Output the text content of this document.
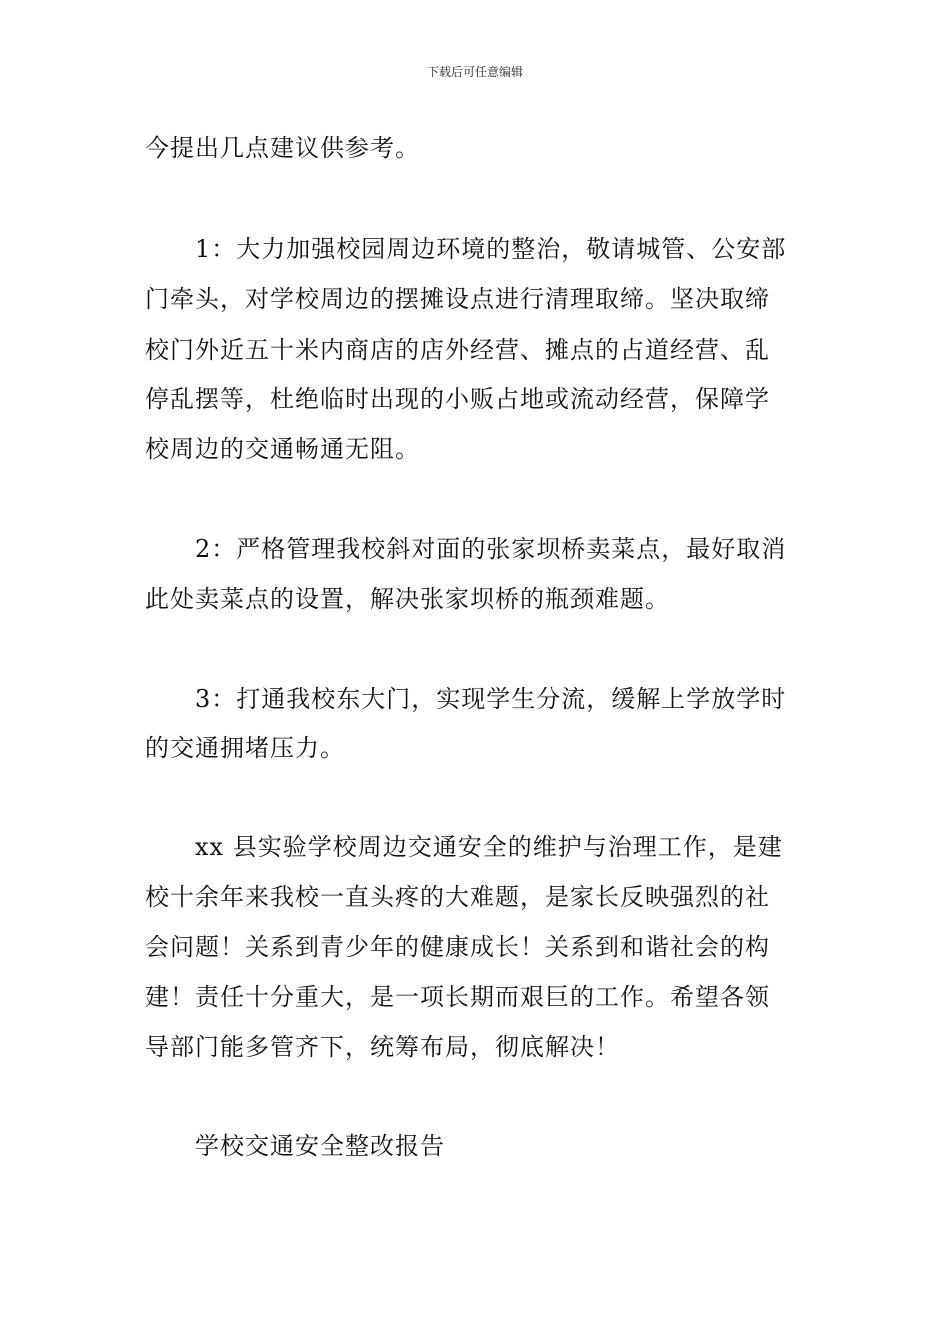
下载后可任意编辑
今提出几点建议供参考。
1：大力加强校园周边环境的整治，敬请城管、公安部
门牵头，对学校周边的摆摊设点进行清理取缔。坚决取缔
校门外近五十米内商店的店外经营、摊点的占道经营、乱
停乱摆等，杜绝临时出现的小贩占地或流动经营，保障学
校周边的交通畅通无阻。
2：严格管理我校斜对面的张家坝桥卖菜点，最好取消
此处卖菜点的设置，解决张家坝桥的瓶颈难题。
3：打通我校东大门，实现学生分流，缓解上学放学时
的交通拥堵压力。
xx 县实验学校周边交通安全的维护与治理工作，是建
校十余年来我校一直头疼的大难题，是家长反映强烈的社
会问题！关系到青少年的健康成长！关系到和谐社会的构
建！责任十分重大，是一项长期而艰巨的工作。希望各领
导部门能多管齐下，统筹布局，彻底解决！
学校交通安全整改报告
